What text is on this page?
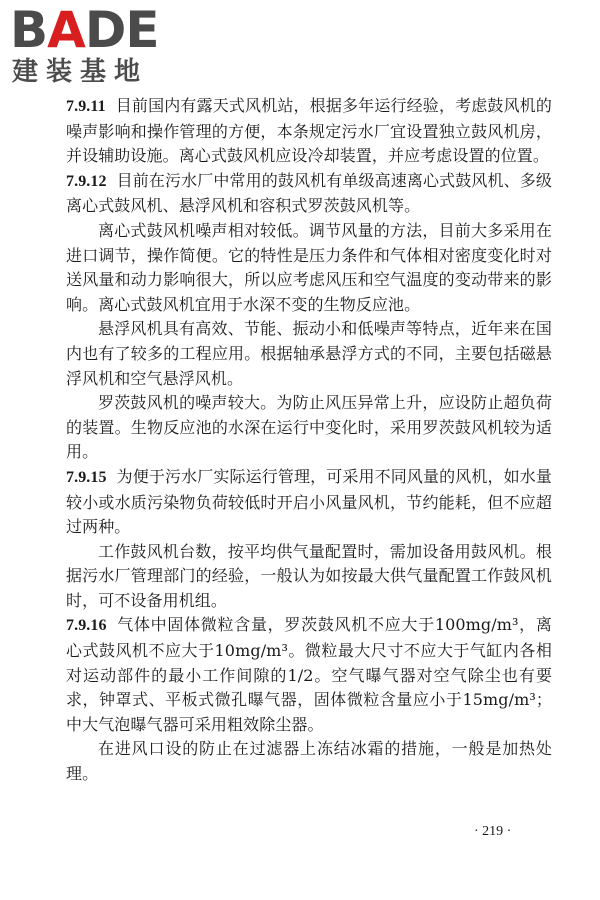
BADE
建装基地

7.9.11 目前国内有露天式风机站，根据多年运行经验，考虑鼓风机的噪声影响和操作管理的方便，本条规定污水厂宜设置独立鼓风机房，并设辅助设施。离心式鼓风机应设冷却装置，并应考虑设置的位置。

7.9.12 目前在污水厂中常用的鼓风机有单级高速离心式鼓风机、多级离心式鼓风机、悬浮风机和容积式罗茨鼓风机等。

离心式鼓风机噪声相对较低。调节风量的方法，目前大多采用在进口调节，操作简便。它的特性是压力条件和气体相对密度变化时对送风量和动力影响很大，所以应考虑风压和空气温度的变动带来的影响。离心式鼓风机宜用于水深不变的生物反应池。

悬浮风机具有高效、节能、振动小和低噪声等特点，近年来在国内也有了较多的工程应用。根据轴承悬浮方式的不同，主要包括磁悬浮风机和空气悬浮风机。

罗茨鼓风机的噪声较大。为防止风压异常上升，应设防止超负荷的装置。生物反应池的水深在运行中变化时，采用罗茨鼓风机较为适用。

7.9.15 为便于污水厂实际运行管理，可采用不同风量的风机，如水量较小或水质污染物负荷较低时开启小风量风机，节约能耗，但不应超过两种。

工作鼓风机台数，按平均供气量配置时，需加设备用鼓风机。根据污水厂管理部门的经验，一般认为如按最大供气量配置工作鼓风机时，可不设备用机组。

7.9.16 气体中固体微粒含量，罗茨鼓风机不应大于100mg/m³，离心式鼓风机不应大于10mg/m³。微粒最大尺寸不应大于气缸内各相对运动部件的最小工作间隙的1/2。空气曝气器对空气除尘也有要求，钟罩式、平板式微孔曝气器，固体微粒含量应小于15mg/m³；中大气泡曝气器可采用粗效除尘器。

在进风口设的防止在过滤器上冻结冰霜的措施，一般是加热处理。

· 219 ·
